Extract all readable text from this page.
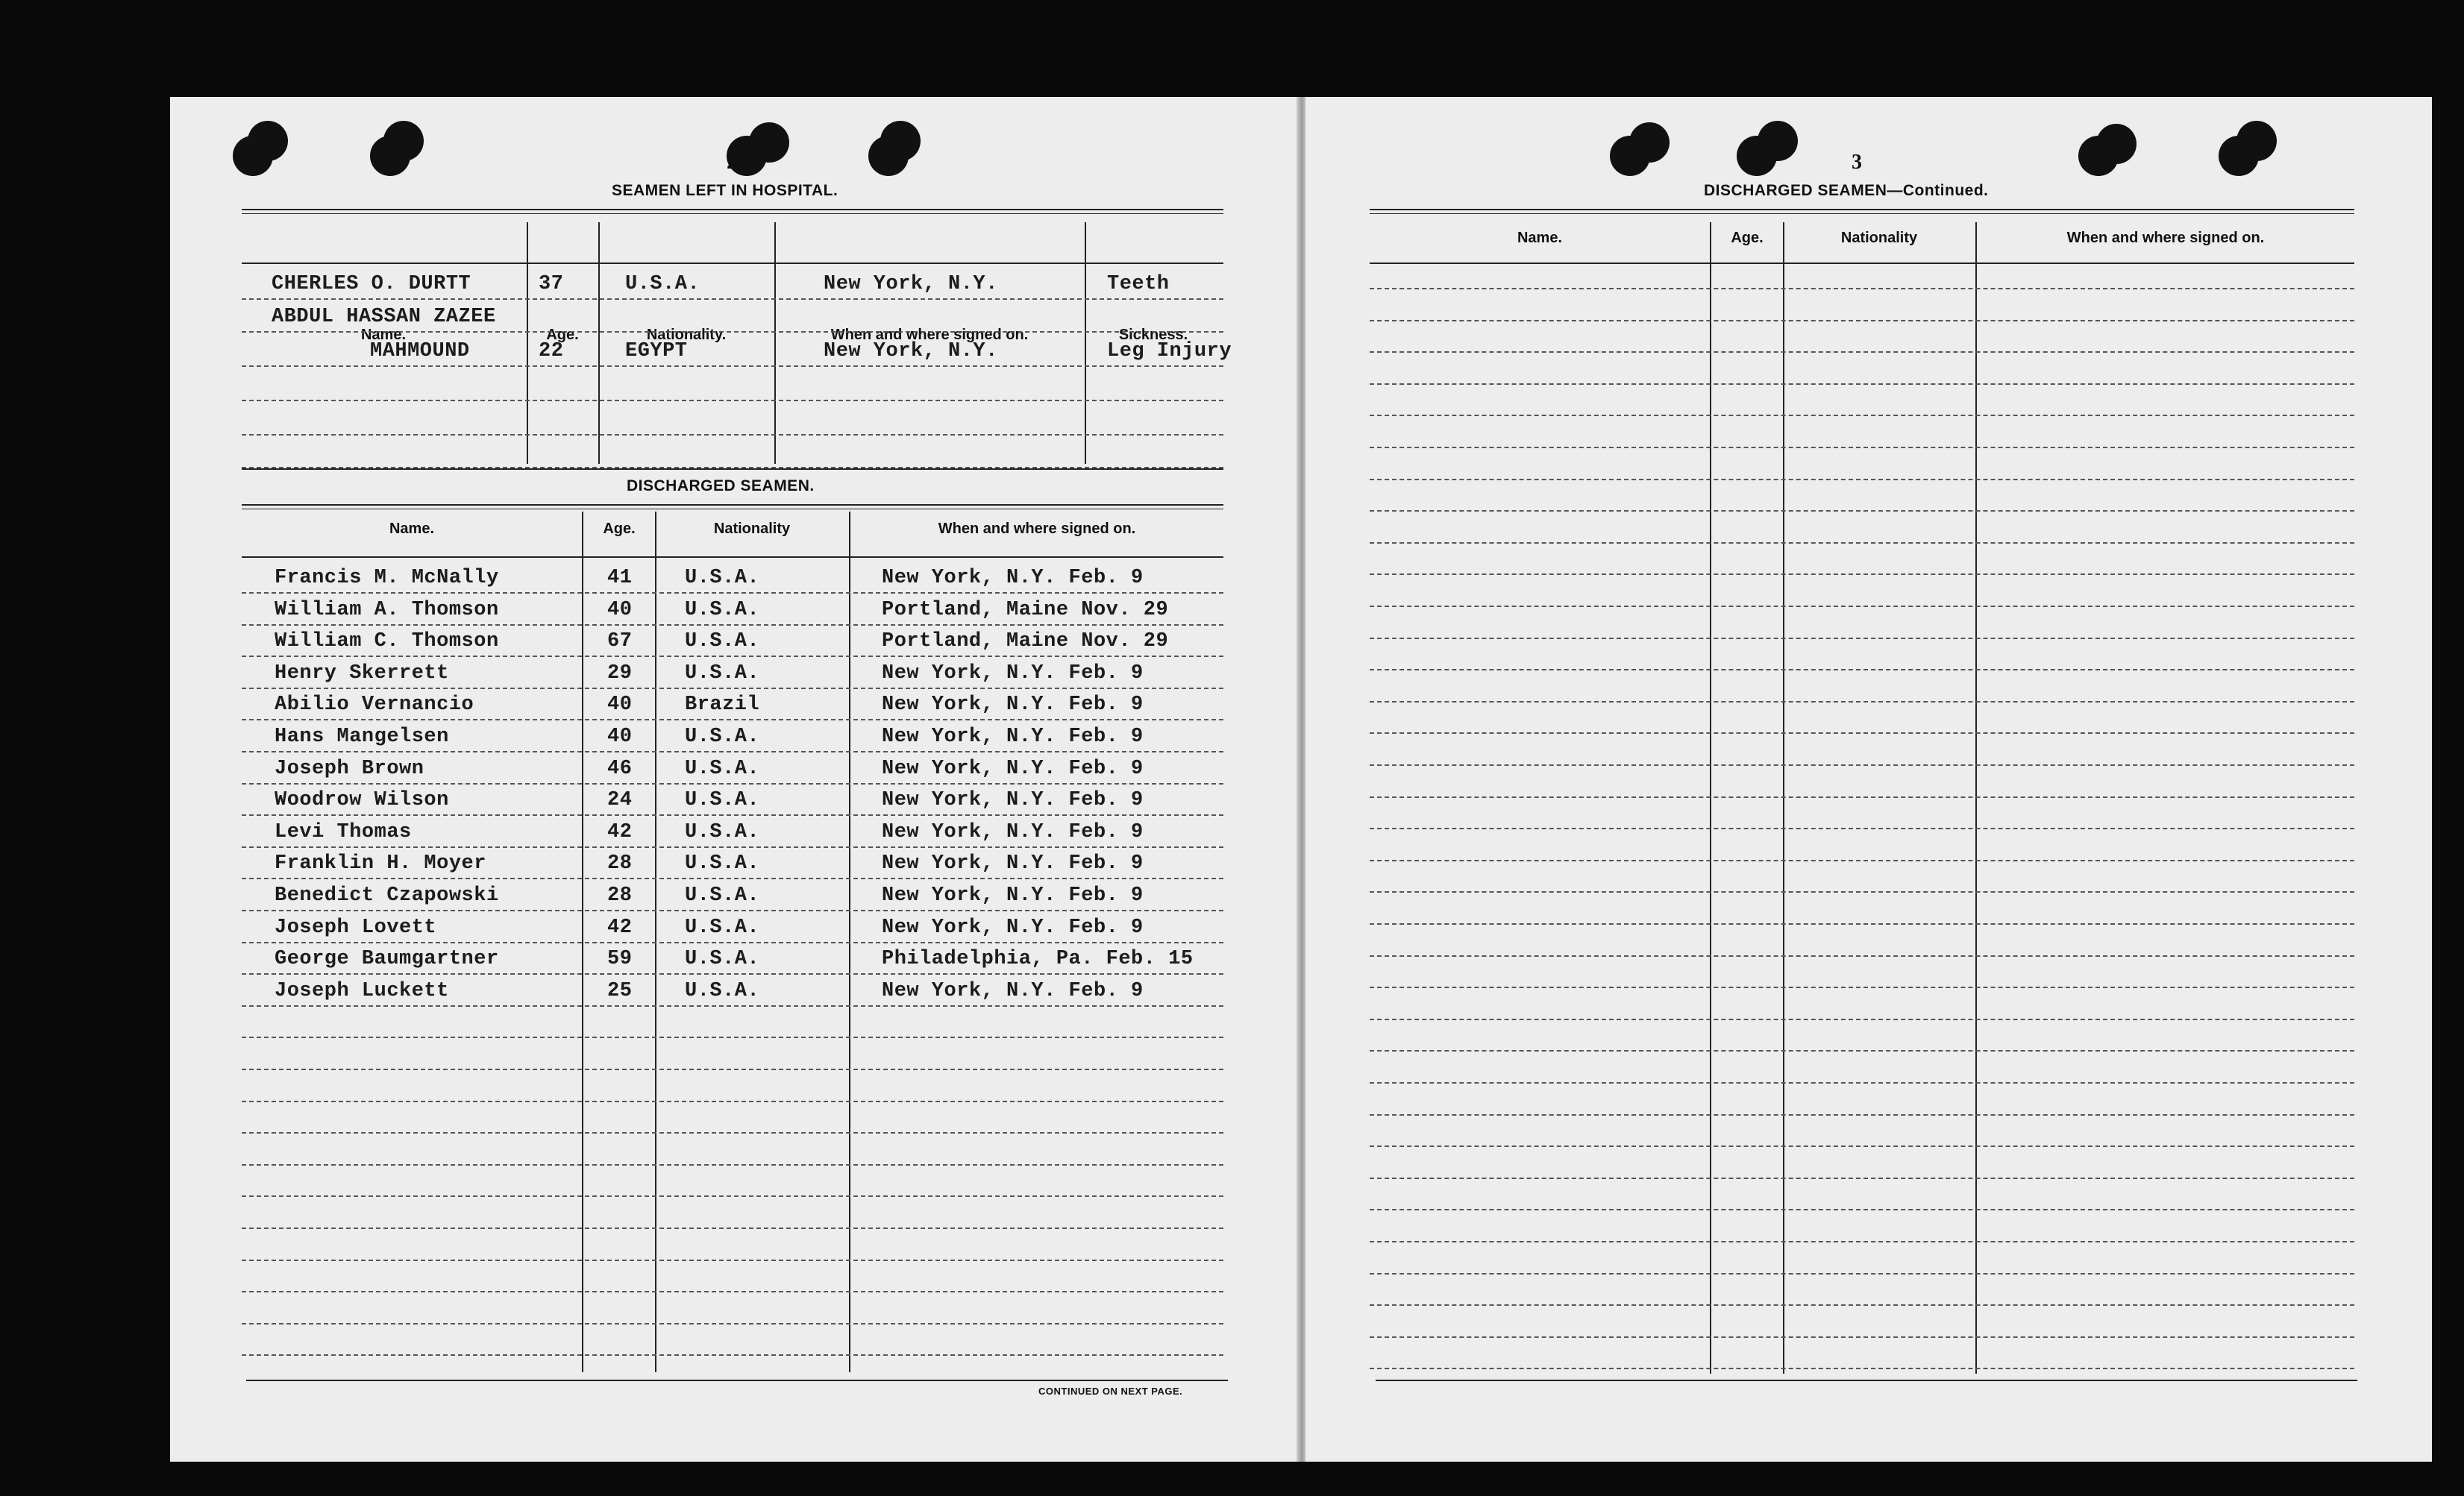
2
SEAMEN LEFT IN HOSPITAL.
Name.	Age.	Nationality.	When and where signed on.	Sickness.
DISCHARGED SEAMEN.
Name.	Age.	Nationality	When and where signed on.
CONTINUED ON NEXT PAGE.
CHERLES O. DURTT	37	U.S.A.	New York, N.Y.	Teeth
ABDUL HASSAN ZAZEE
MAHMOUND	22	EGYPT	New York, N.Y.	Leg Injury
Francis M. McNally	41	U.S.A.	New York, N.Y. Feb. 9
William A. Thomson	40	U.S.A.	Portland, Maine Nov. 29
William C. Thomson	67	U.S.A.	Portland, Maine Nov. 29
Henry Skerrett	29	U.S.A.	New York, N.Y. Feb. 9
Abilio Vernancio	40	Brazil	New York, N.Y. Feb. 9
Hans Mangelsen	40	U.S.A.	New York, N.Y. Feb. 9
Joseph Brown	46	U.S.A.	New York, N.Y. Feb. 9
Woodrow Wilson	24	U.S.A.	New York, N.Y. Feb. 9
Levi Thomas	42	U.S.A.	New York, N.Y. Feb. 9
Franklin H. Moyer	28	U.S.A.	New York, N.Y. Feb. 9
Benedict Czapowski	28	U.S.A.	New York, N.Y. Feb. 9
Joseph Lovett	42	U.S.A.	New York, N.Y. Feb. 9
George Baumgartner	59	U.S.A.	Philadelphia, Pa. Feb. 15
Joseph Luckett	25	U.S.A.	New York, N.Y. Feb. 9
3
DISCHARGED SEAMEN—Continued.
Name.	Age.	Nationality	When and where signed on.
